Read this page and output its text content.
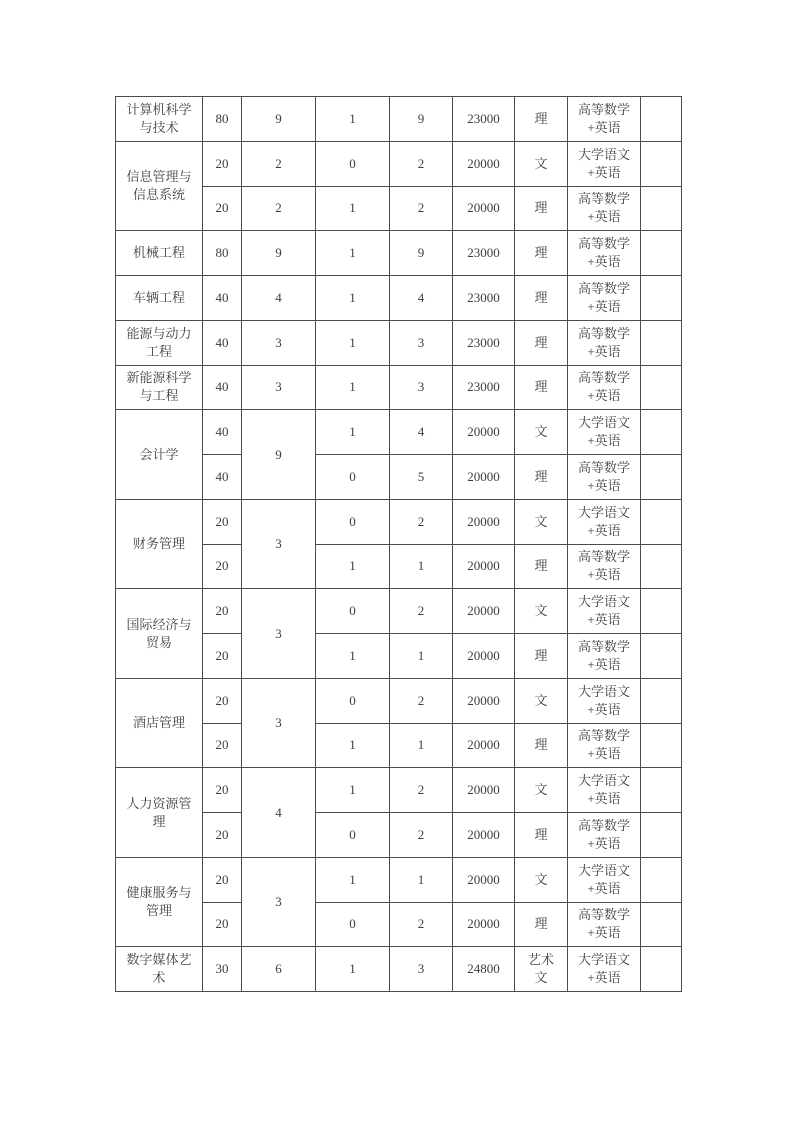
计算机科学与技术	80	9	1	9	23000	理	高等数学
+英语	

信息管理与信息系统	20	2	0	2	20000	文	大学语文
+英语	

	20	2	1	2	20000	理	高等数学
+英语	

机械工程	80	9	1	9	23000	理	高等数学
+英语	

车辆工程	40	4	1	4	23000	理	高等数学
+英语	

能源与动力工程	40	3	1	3	23000	理	高等数学
+英语	

新能源科学与工程	40	3	1	3	23000	理	高等数学
+英语	

会计学	40	9	1	4	20000	文	大学语文
+英语	

	40		0	5	20000	理	高等数学
+英语	

财务管理	20	3	0	2	20000	文	大学语文
+英语	

	20		1	1	20000	理	高等数学
+英语	

国际经济与贸易	20	3	0	2	20000	文	大学语文
+英语	

	20		1	1	20000	理	高等数学
+英语	

酒店管理	20	3	0	2	20000	文	大学语文
+英语	

	20		1	1	20000	理	高等数学
+英语	

人力资源管理	20	4	1	2	20000	文	大学语文
+英语	

	20		0	2	20000	理	高等数学
+英语	

健康服务与管理	20	3	1	1	20000	文	大学语文
+英语	

	20		0	2	20000	理	高等数学
+英语	

数字媒体艺术	30	6	1	3	24800	艺术文	大学语文
+英语	
